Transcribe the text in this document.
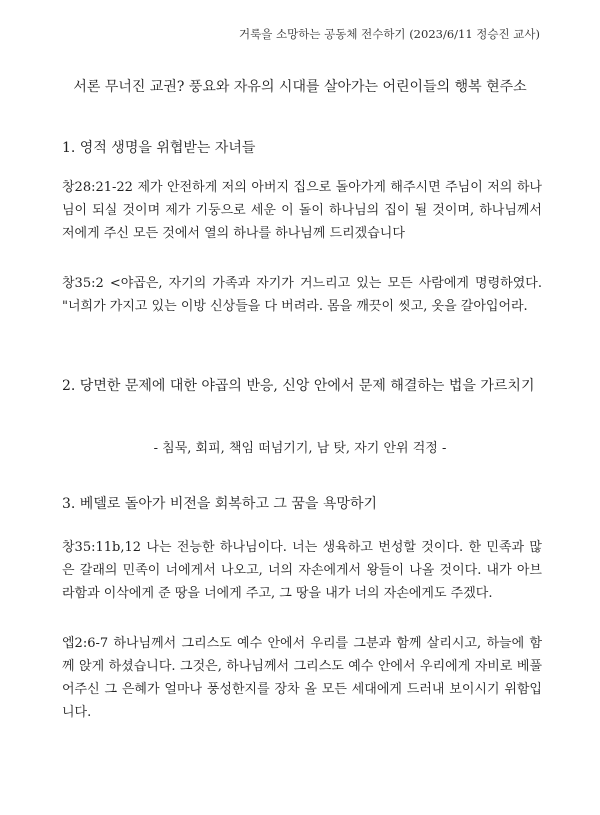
거룩을 소망하는 공동체 전수하기 (2023/6/11 정승진 교사)
서론 무너진 교권? 풍요와 자유의 시대를 살아가는 어린이들의 행복 현주소
1. 영적 생명을 위협받는 자녀들
창28:21-22 제가 안전하게 저의 아버지 집으로 돌아가게 해주시면 주님이 저의 하나님이 되실 것이며 제가 기둥으로 세운 이 돌이 하나님의 집이 될 것이며, 하나님께서 저에게 주신 모든 것에서 열의 하나를 하나님께 드리겠습니다
창35:2 <야곱은, 자기의 가족과 자기가 거느리고 있는 모든 사람에게 명령하였다. "너희가 가지고 있는 이방 신상들을 다 버려라. 몸을 깨끗이 씻고, 옷을 갈아입어라.
2. 당면한 문제에 대한 야곱의 반응, 신앙 안에서 문제 해결하는 법을 가르치기
- 침묵, 회피, 책임 떠넘기기, 남 탓, 자기 안위 걱정 -
3. 베델로 돌아가 비전을 회복하고 그 꿈을 욕망하기
창35:11b,12 나는 전능한 하나님이다. 너는 생육하고 번성할 것이다. 한 민족과 많은 갈래의 민족이 너에게서 나오고, 너의 자손에게서 왕들이 나올 것이다. 내가 아브라함과 이삭에게 준 땅을 너에게 주고, 그 땅을 내가 너의 자손에게도 주겠다.
엡2:6-7 하나님께서 그리스도 예수 안에서 우리를 그분과 함께 살리시고, 하늘에 함께 앉게 하셨습니다. 그것은, 하나님께서 그리스도 예수 안에서 우리에게 자비로 베풀어주신 그 은혜가 얼마나 풍성한지를 장차 올 모든 세대에게 드러내 보이시기 위함입니다.
